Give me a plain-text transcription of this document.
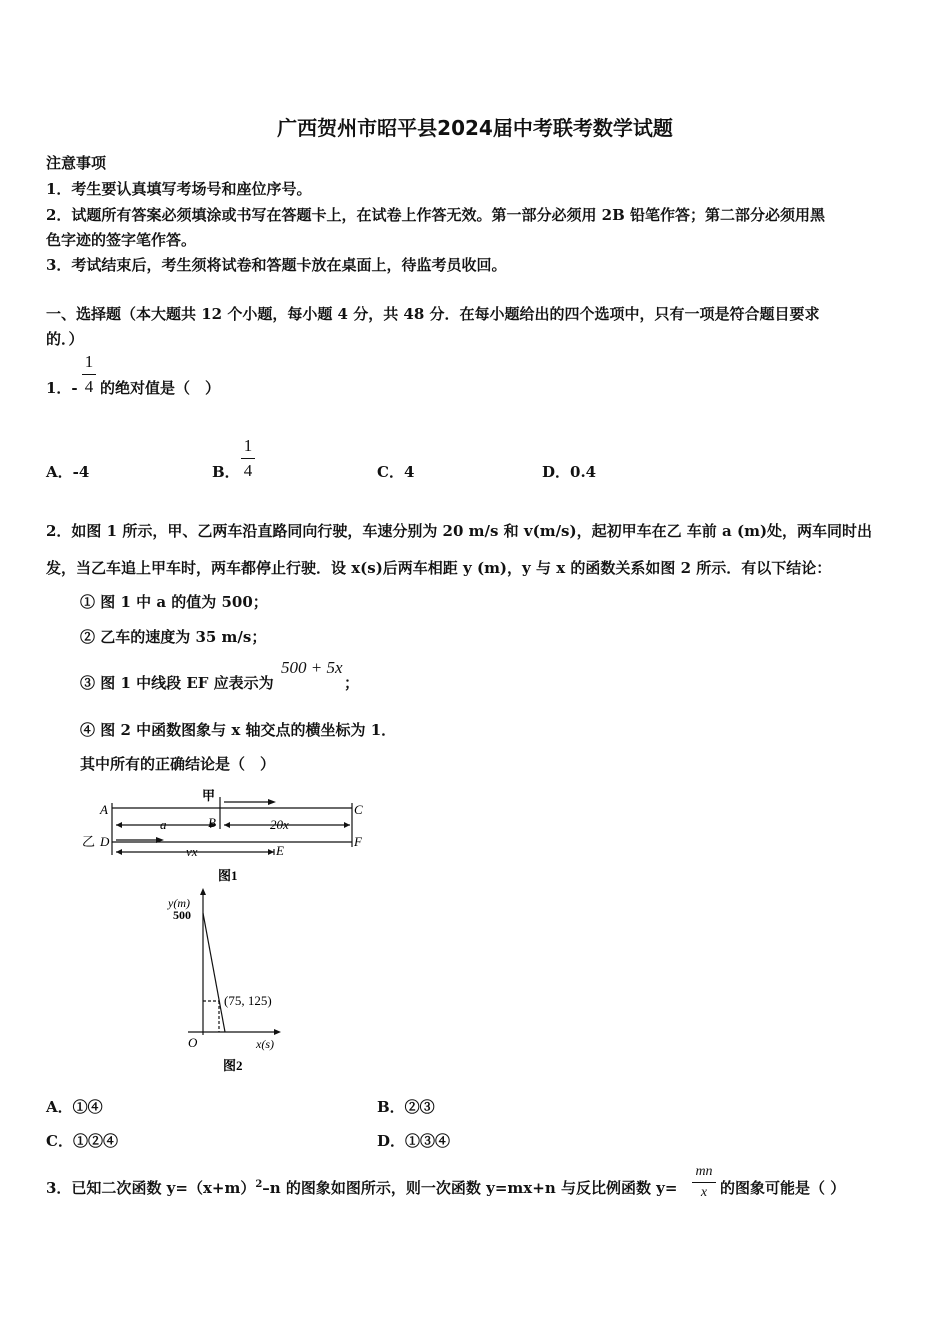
广西贺州市昭平县2024届中考联考数学试题
注意事项
1．考生要认真填写考场号和座位序号。
2．试题所有答案必须填涂或书写在答题卡上，在试卷上作答无效。第一部分必须用 2B 铅笔作答；第二部分必须用黑
色字迹的签字笔作答。
3．考试结束后，考生须将试卷和答题卡放在桌面上，待监考员收回。
一、选择题（本大题共 12 个小题，每小题 4 分，共 48 分．在每小题给出的四个选项中，只有一项是符合题目要求
的．）
1．-
1
4 的绝对值是（　）
A．-4	B．
1
4	C．4	D．0.4
2．如图 1 所示，甲、乙两车沿直路同向行驶，车速分别为 20 m/s 和 v(m/s)，起初甲车在乙 车前 a (m)处，两车同时出
发，当乙车追上甲车时，两车都停止行驶．设 x(s)后两车相距 y (m)，y 与 x 的函数关系如图 2 所示．有以下结论：
① 图 1 中 a 的值为 500；
② 乙车的速度为 35 m/s；
③ 图 1 中线段 EF 应表示为
500 + 5x
；
④ 图 2 中函数图象与 x 轴交点的横坐标为 1．
其中所有的正确结论是（　）
A
B
C
D
E
F
a	20x
vx
甲
乙
图1
y(m)
500
(75, 125)
O	x(s)
图2
A．①④	B．②③
C．①②④	D．①③④
3．已知二次函数 $y=(x+m)^2-n$ 的图象如图所示，则一次函数 y=mx+n 与反比例函数 y=
mn
x 的图象可能是（ ）
